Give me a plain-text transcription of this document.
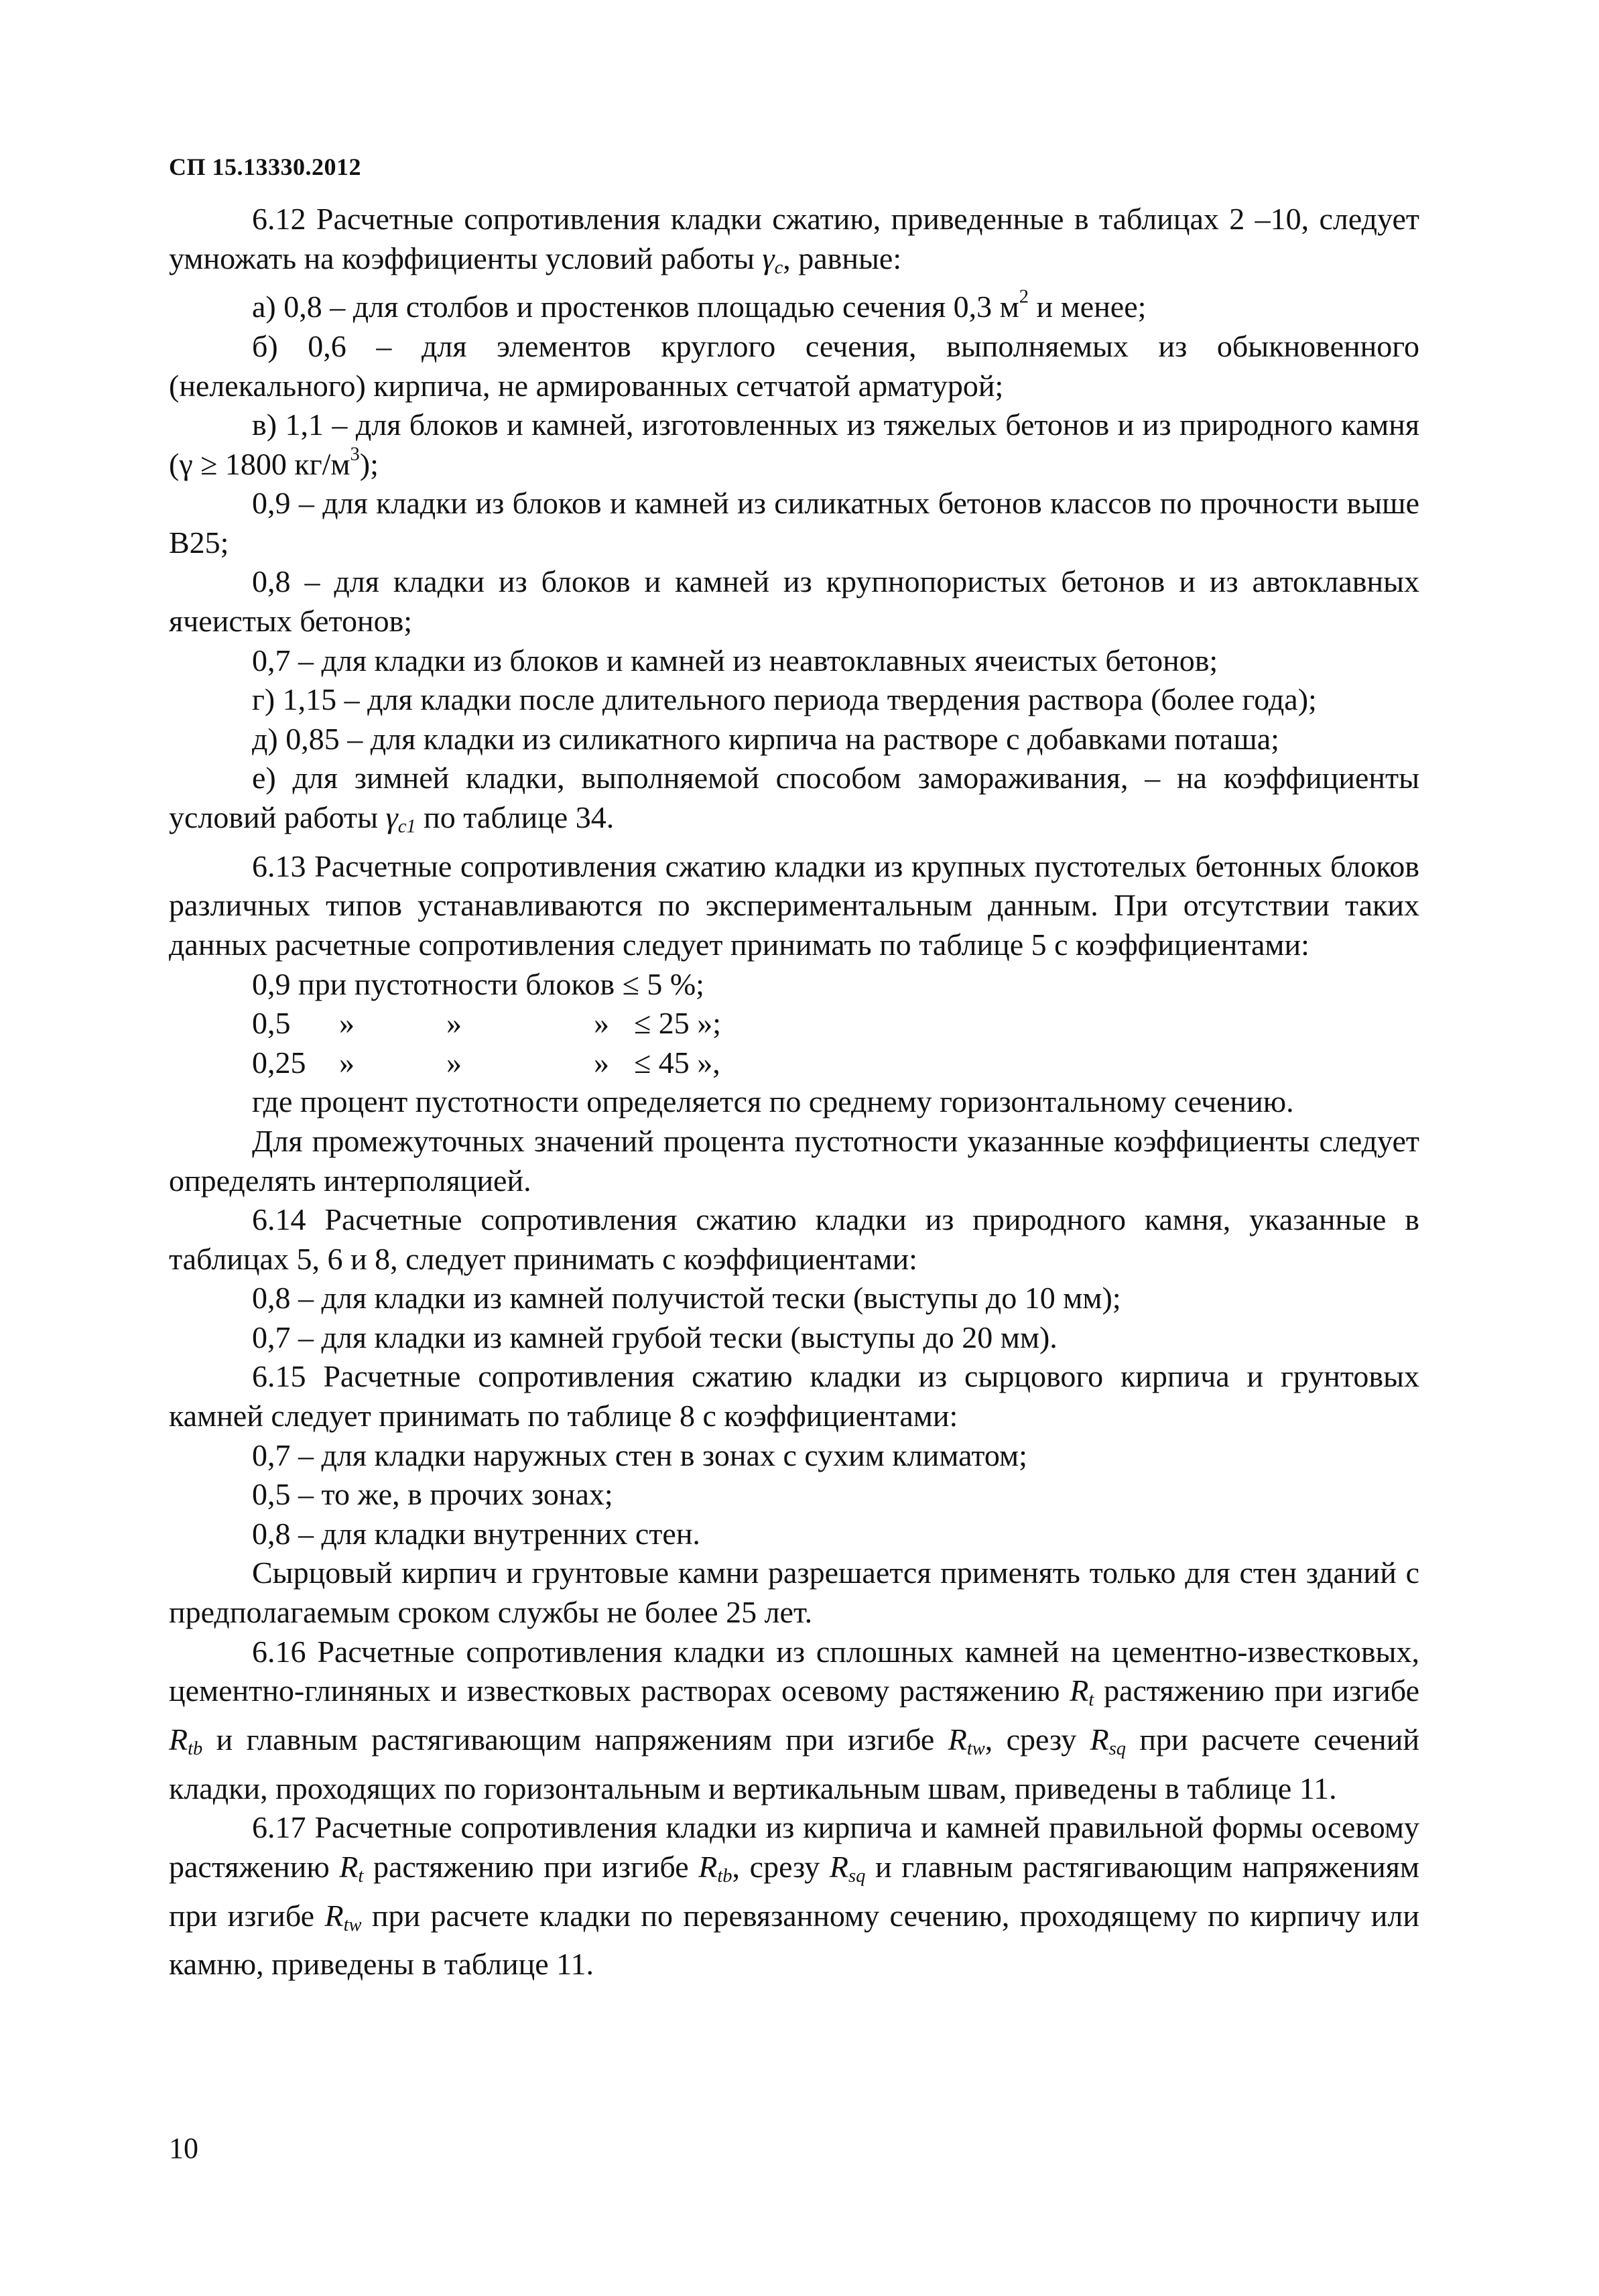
СП 15.13330.2012

6.12 Расчетные сопротивления кладки сжатию, приведенные в таблицах 2 –10, следует умножать на коэффициенты условий работы $\gamma_c$, равные:

а) 0,8 – для столбов и простенков площадью сечения 0,3 $м^2$ и менее;

б) 0,6 – для элементов круглого сечения, выполняемых из обыкновенного (нелекального) кирпича, не армированных сетчатой арматурой;

в) 1,1 – для блоков и камней, изготовленных из тяжелых бетонов и из природного камня (γ ≥ 1800 $кг/м^3$);

0,9 – для кладки из блоков и камней из силикатных бетонов классов по прочности выше В25;

0,8 – для кладки из блоков и камней из крупнопористых бетонов и из автоклавных ячеистых бетонов;

0,7 – для кладки из блоков и камней из неавтоклавных ячеистых бетонов;

г) 1,15 – для кладки после длительного периода твердения раствора (более года);

д) 0,85 – для кладки из силикатного кирпича на растворе с добавками поташа;

е) для зимней кладки, выполняемой способом замораживания, – на коэффициенты условий работы $\gamma_{c1}$ по таблице 34.

6.13 Расчетные сопротивления сжатию кладки из крупных пустотелых бетонных блоков различных типов устанавливаются по экспериментальным данным. При отсутствии таких данных расчетные сопротивления следует принимать по таблице 5 с коэффициентами:

0,9 при пустотности блоков ≤ 5 %;

0,5	»	»	» ≤ 25 »;
0,25	»	»	» ≤ 45 »,

где процент пустотности определяется по среднему горизонтальному сечению.

Для промежуточных значений процента пустотности указанные коэффициенты следует определять интерполяцией.

6.14 Расчетные сопротивления сжатию кладки из природного камня, указанные в таблицах 5, 6 и 8, следует принимать с коэффициентами:

0,8 – для кладки из камней получистой тески (выступы до 10 мм);

0,7 – для кладки из камней грубой тески (выступы до 20 мм).

6.15 Расчетные сопротивления сжатию кладки из сырцового кирпича и грунтовых камней следует принимать по таблице 8 с коэффициентами:

0,7 – для кладки наружных стен в зонах с сухим климатом;

0,5 – то же, в прочих зонах;

0,8 – для кладки внутренних стен.

Сырцовый кирпич и грунтовые камни разрешается применять только для стен зданий с предполагаемым сроком службы не более 25 лет.

6.16 Расчетные сопротивления кладки из сплошных камней на цементно-известковых, цементно-глиняных и известковых растворах осевому растяжению $R_t$ растяжению при изгибе $R_{tb}$ и главным растягивающим напряжениям при изгибе $R_{tw}$, срезу $R_{sq}$ при расчете сечений кладки, проходящих по горизонтальным и вертикальным швам, приведены в таблице 11.

6.17 Расчетные сопротивления кладки из кирпича и камней правильной формы осевому растяжению $R_t$ растяжению при изгибе $R_{tb}$, срезу $R_{sq}$ и главным растягивающим напряжениям при изгибе $R_{tw}$ при расчете кладки по перевязанному сечению, проходящему по кирпичу или камню, приведены в таблице 11.

10
